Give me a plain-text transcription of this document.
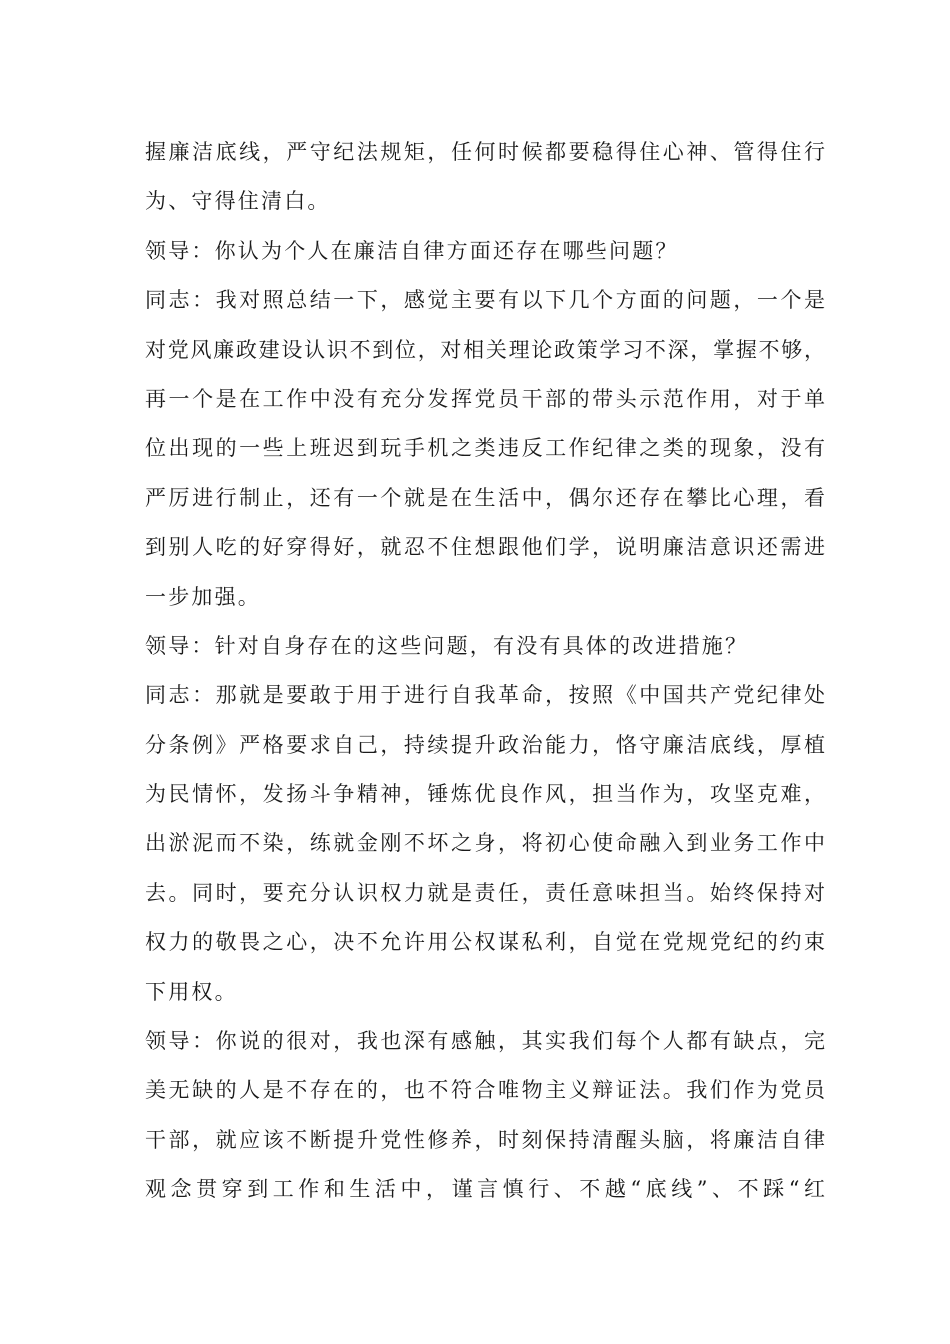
握廉洁底线，严守纪法规矩，任何时候都要稳得住心神、管得住行
为、守得住清白。
领导：你认为个人在廉洁自律方面还存在哪些问题？
同志：我对照总结一下，感觉主要有以下几个方面的问题，一个是
对党风廉政建设认识不到位，对相关理论政策学习不深，掌握不够，
再一个是在工作中没有充分发挥党员干部的带头示范作用，对于单
位出现的一些上班迟到玩手机之类违反工作纪律之类的现象，没有
严厉进行制止，还有一个就是在生活中，偶尔还存在攀比心理，看
到别人吃的好穿得好，就忍不住想跟他们学，说明廉洁意识还需进
一步加强。
领导：针对自身存在的这些问题，有没有具体的改进措施？
同志：那就是要敢于用于进行自我革命，按照《中国共产党纪律处
分条例》严格要求自己，持续提升政治能力，恪守廉洁底线，厚植
为民情怀，发扬斗争精神，锤炼优良作风，担当作为，攻坚克难，
出淤泥而不染，练就金刚不坏之身，将初心使命融入到业务工作中
去。同时，要充分认识权力就是责任，责任意味担当。始终保持对
权力的敬畏之心，决不允许用公权谋私利，自觉在党规党纪的约束
下用权。
领导：你说的很对，我也深有感触，其实我们每个人都有缺点，完
美无缺的人是不存在的，也不符合唯物主义辩证法。我们作为党员
干部，就应该不断提升党性修养，时刻保持清醒头脑，将廉洁自律
观念贯穿到工作和生活中，谨言慎行、不越“底线”、不踩“红
